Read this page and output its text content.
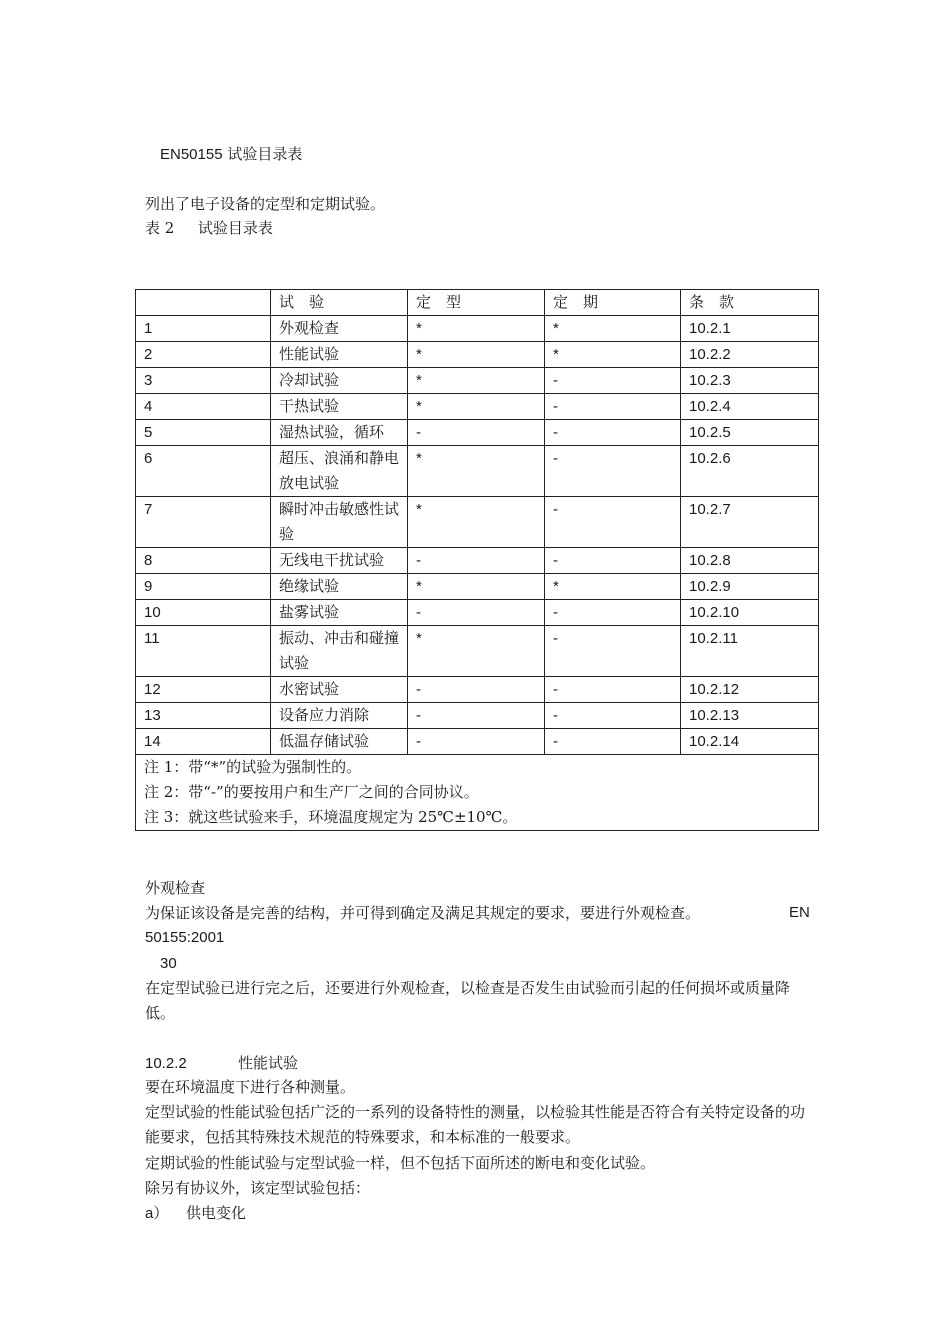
EN50155 试验目录表
列出了电子设备的定型和定期试验。
表 2 试验目录表
	试　验	定　型	定　期	条　款
1	外观检查	*	*	10.2.1
2	性能试验	*	*	10.2.2
3	冷却试验	*	-	10.2.3
4	干热试验	*	-	10.2.4
5	湿热试验，循环	-	-	10.2.5
6	超压、浪涌和静电放电试验	*	-	10.2.6
7	瞬时冲击敏感性试验	*	-	10.2.7
8	无线电干扰试验	-	-	10.2.8
9	绝缘试验	*	*	10.2.9
10	盐雾试验	-	-	10.2.10
11	振动、冲击和碰撞试验	*	-	10.2.11
12	水密试验	-	-	10.2.12
13	设备应力消除	-	-	10.2.13
14	低温存储试验	-	-	10.2.14

注 1：带“*”的试验为强制性的。
注 2：带“-”的要按用户和生产厂之间的合同协议。
注 3：就这些试验来手，环境温度规定为 25℃±10℃。				
外观检查
为保证该设备是完善的结构，并可得到确定及满足其规定的要求，要进行外观检查。	EN
50155:2001
30
在定型试验已进行完之后，还要进行外观检查，以检查是否发生由试验而引起的任何损坏或质量降低。
10.2.2	性能试验
要在环境温度下进行各种测量。
定型试验的性能试验包括广泛的一系列的设备特性的测量，以检验其性能是否符合有关特定设备的功能要求，包括其特殊技术规范的特殊要求，和本标准的一般要求。
定期试验的性能试验与定型试验一样，但不包括下面所述的断电和变化试验。
除另有协议外，该定型试验包括：
a） 供电变化
